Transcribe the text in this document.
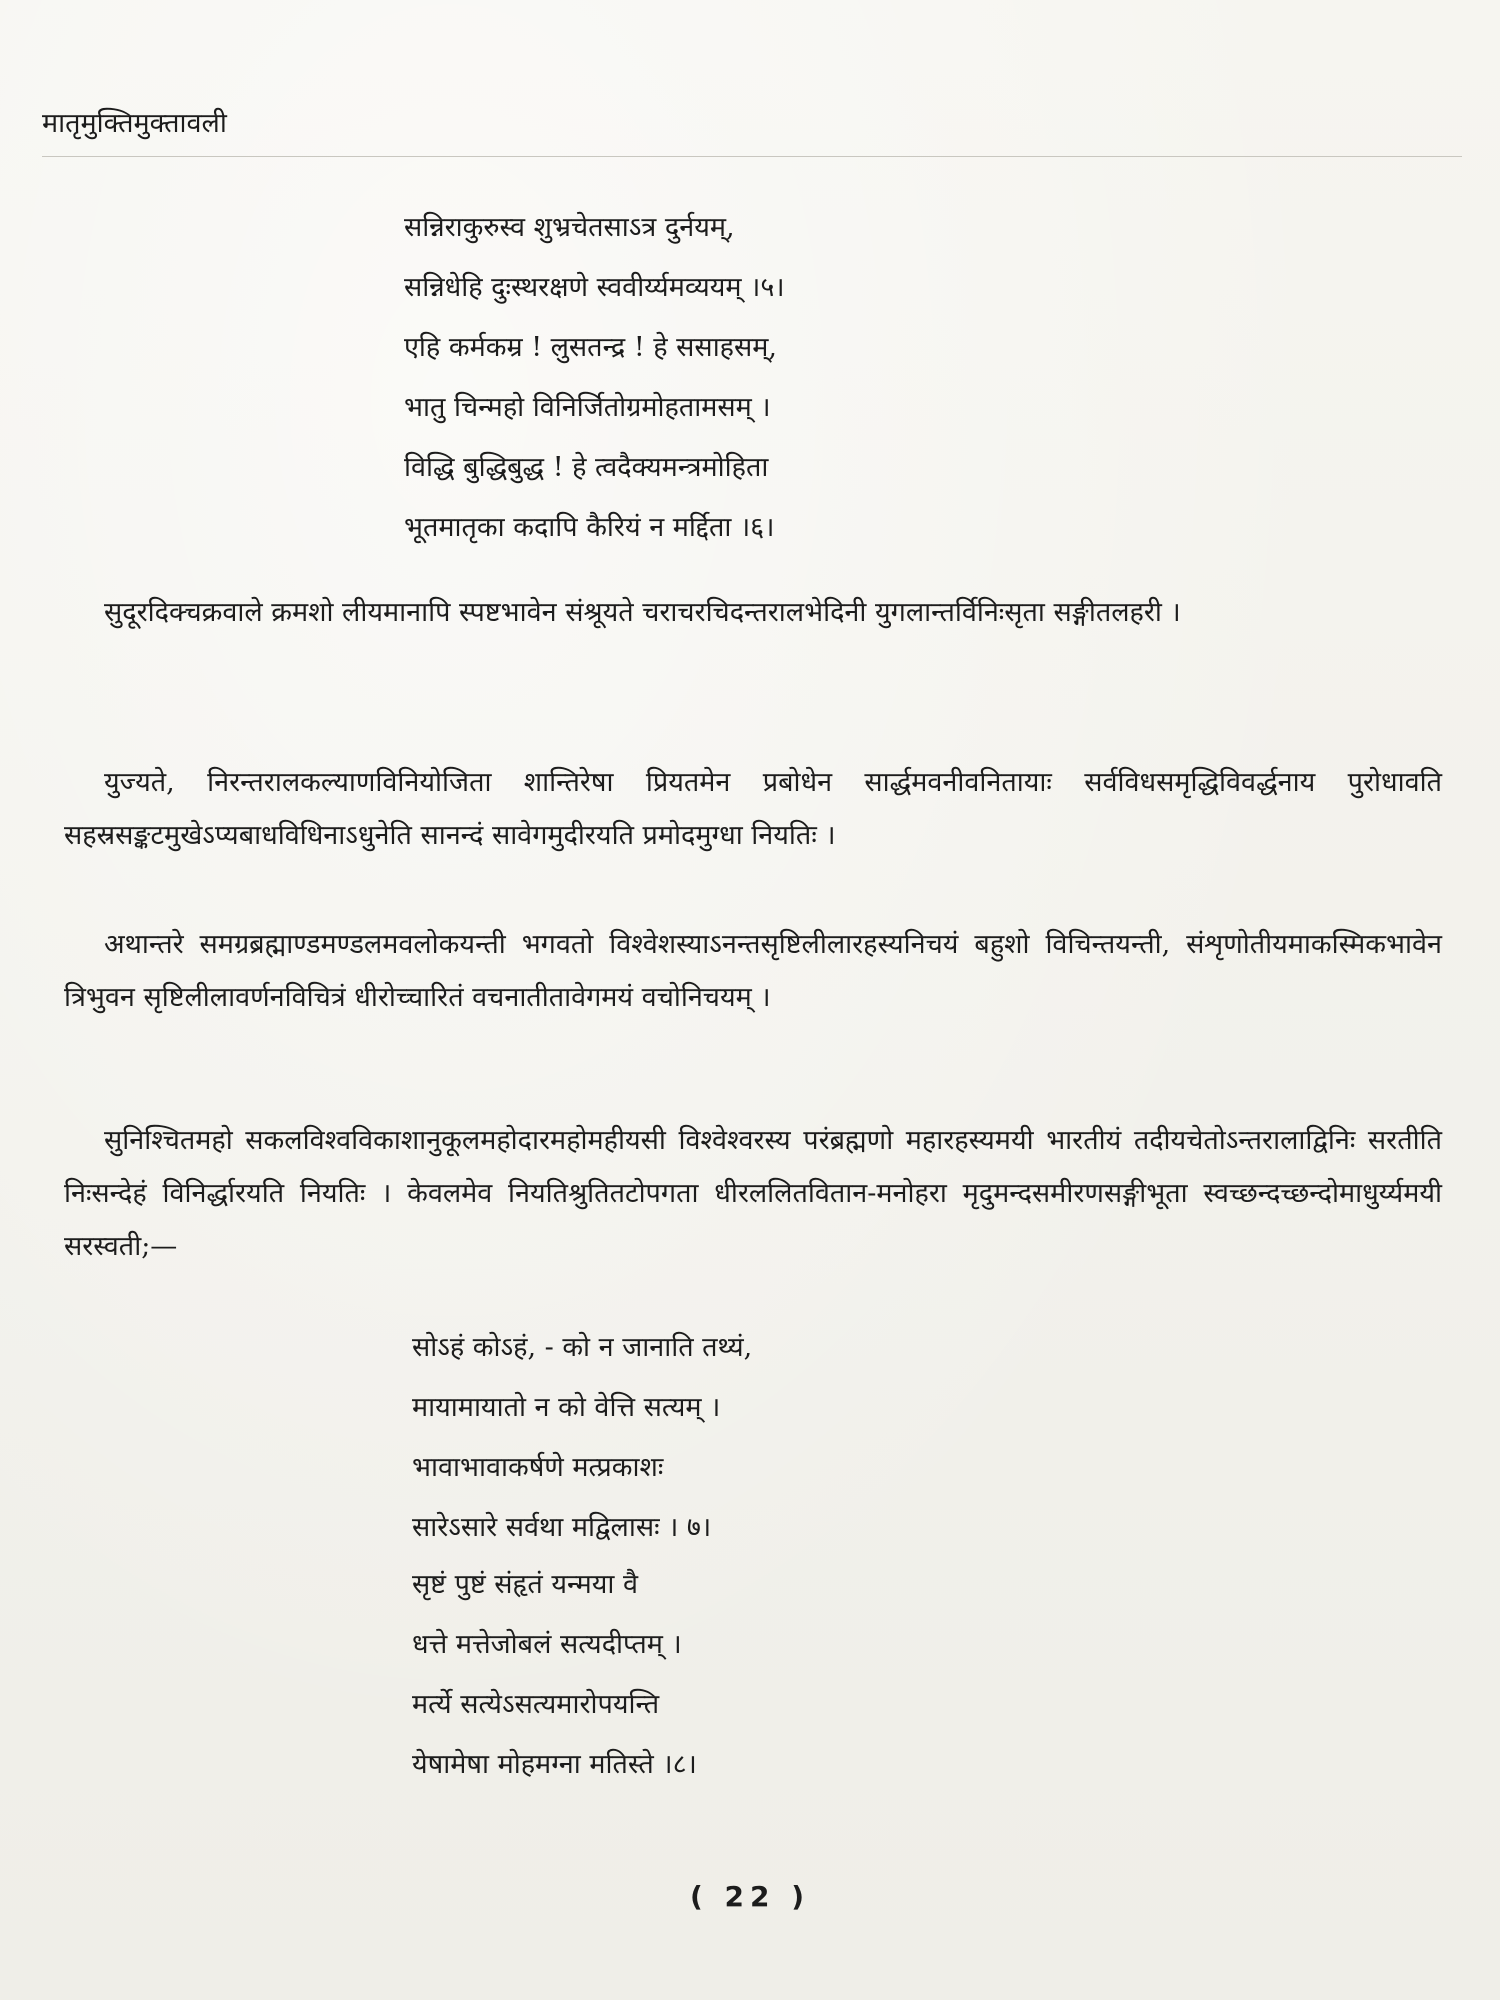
मातृमुक्तिमुक्तावली
सन्निराकुरुस्व शुभ्रचेतसाऽत्र दुर्नयम्,
सन्निधेहि दुःस्थरक्षणे स्ववीर्य्यमव्ययम् ।५।
एहि कर्मकम्र ! लुसतन्द्र ! हे ससाहसम्,
भातु चिन्महो विनिर्जितोग्रमोहतामसम् ।
विद्धि बुद्धिबुद्ध ! हे त्वदैक्यमन्त्रमोहिता
भूतमातृका कदापि कैरियं न मर्द्दिता ।६।

सुदूरदिक्चक्रवाले क्रमशो लीयमानापि स्पष्टभावेन संश्रूयते चराचरचिदन्तरालभेदिनी युगलान्तर्विनिःसृता सङ्गीतलहरी ।

युज्यते, निरन्तरालकल्याणविनियोजिता शान्तिरेषा प्रियतमेन प्रबोधेन सार्द्धमवनीवनितायाः सर्वविधसमृद्धिविवर्द्धनाय पुरोधावति सहस्रसङ्कटमुखेऽप्यबाधविधिनाऽधुनेति सानन्दं सावेगमुदीरयति प्रमोदमुग्धा नियतिः ।

अथान्तरे समग्रब्रह्माण्डमण्डलमवलोकयन्ती भगवतो विश्वेशस्याऽनन्तसृष्टिलीलारहस्यनिचयं बहुशो विचिन्तयन्ती, संशृणोतीयमाकस्मिकभावेन त्रिभुवन सृष्टिलीलावर्णनविचित्रं धीरोच्चारितं वचनातीतावेगमयं वचोनिचयम् ।

सुनिश्चितमहो सकलविश्वविकाशानुकूलमहोदारमहोमहीयसी विश्वेश्वरस्य परंब्रह्मणो महारहस्यमयी भारतीयं तदीयचेतोऽन्तरालाद्विनिः सरतीति निःसन्देहं विनिर्द्धारयति नियतिः । केवलमेव नियतिश्रुतितटोपगता धीरललितवितान-मनोहरा मृदुमन्दसमीरणसङ्गीभूता स्वच्छन्दच्छन्दोमाधुर्य्यमयी सरस्वती;—

सोऽहं कोऽहं, - को न जानाति तथ्यं,
मायामायातो न को वेत्ति सत्यम् ।
भावाभावाकर्षणे मत्प्रकाशः
सारेऽसारे सर्वथा मद्विलासः । ७।
सृष्टं पुष्टं संहृतं यन्मया वै
धत्ते मत्तेजोबलं सत्यदीप्तम् ।
मर्त्ये सत्येऽसत्यमारोपयन्ति
येषामेषा मोहमग्ना मतिस्ते ।८।
( 22 )
